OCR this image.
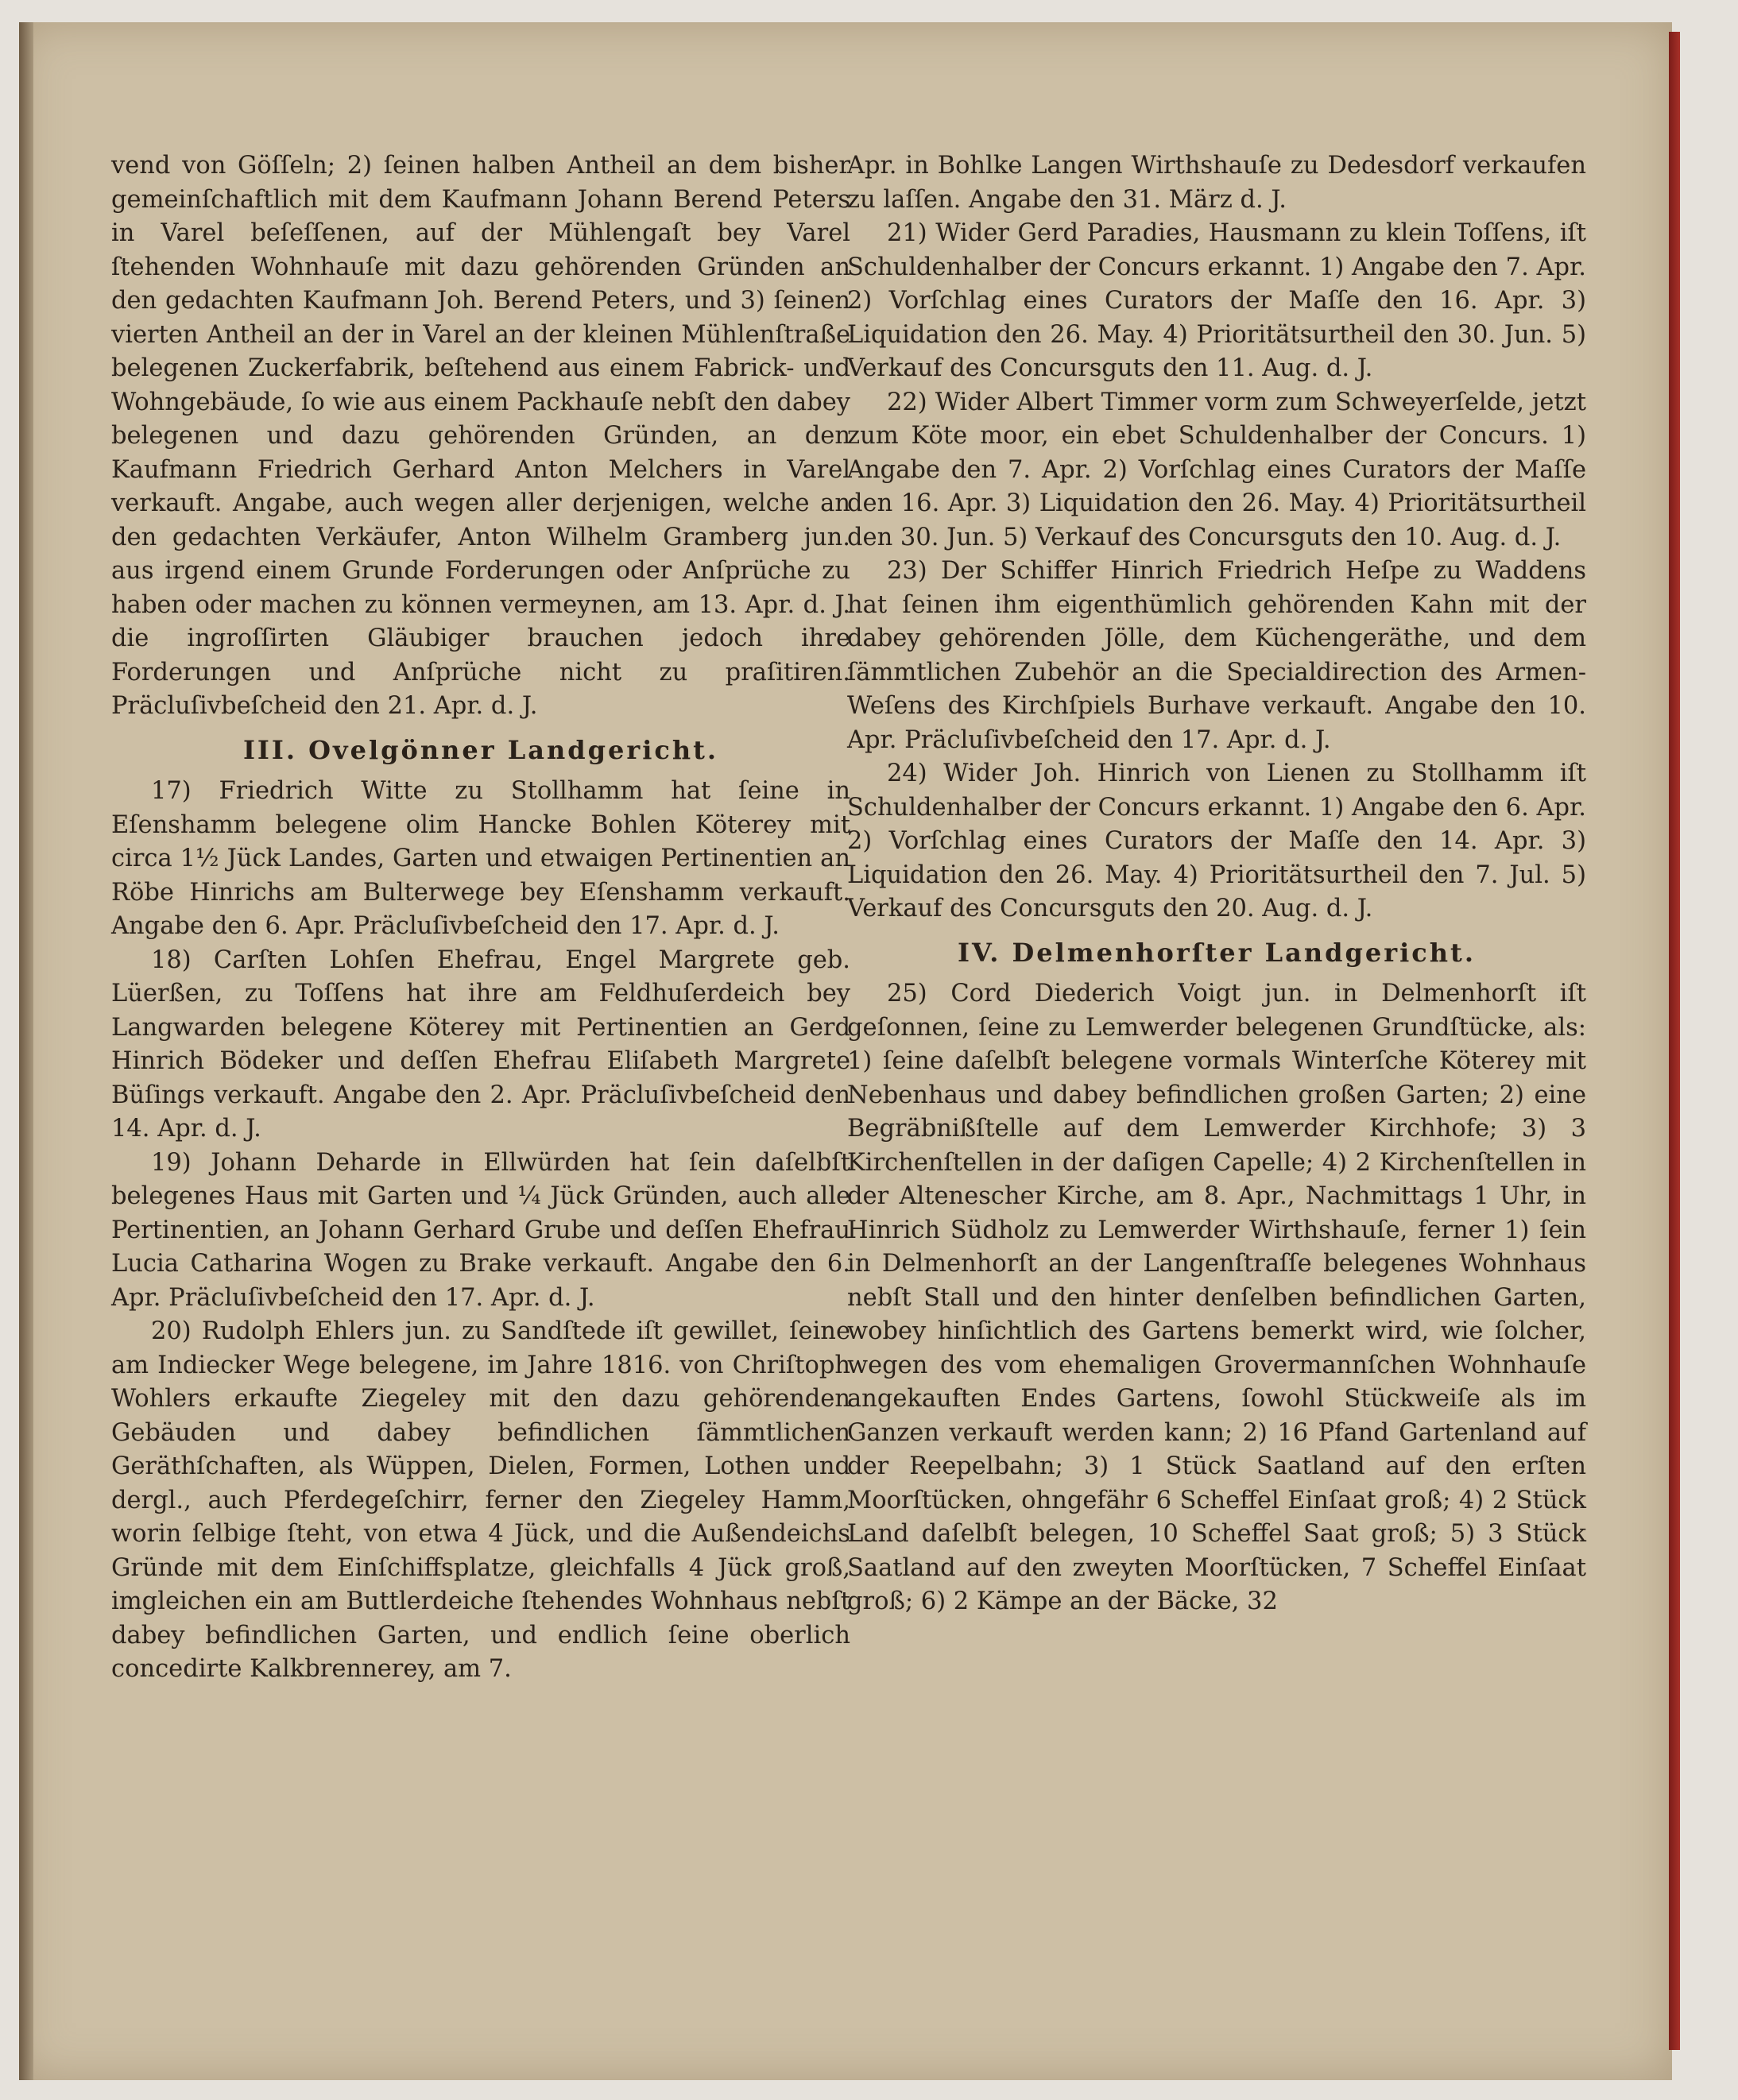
vend von Göſſeln; 2) ſeinen halben Antheil an dem bisher gemeinſchaftlich mit dem Kaufmann Johann Berend Peters in Varel beſeſſenen, auf der Mühlengaſt bey Varel ſtehenden Wohnhauſe mit dazu gehörenden Gründen an den gedachten Kaufmann Joh. Berend Peters, und 3) ſeinen vierten Antheil an der in Varel an der kleinen Mühlenſtraße belegenen Zuckerfabrik, beſtehend aus einem Fabrick- und Wohngebäude, ſo wie aus einem Packhauſe nebſt den dabey belegenen und dazu gehörenden Gründen, an den Kaufmann Friedrich Gerhard Anton Melchers in Varel verkauft. Angabe, auch wegen aller derjenigen, welche an den gedachten Verkäufer, Anton Wilhelm Gramberg jun. aus irgend einem Grunde Forderungen oder Anſprüche zu haben oder machen zu können vermeynen, am 13. Apr. d. J. die ingroſſirten Gläubiger brauchen jedoch ihre Forderungen und Anſprüche nicht zu praſitiren. Präcluſivbeſcheid den 21. Apr. d. J.

III. Ovelgönner Landgericht.

17) Friedrich Witte zu Stollhamm hat ſeine in Eſenshamm belegene olim Hancke Bohlen Köterey mit circa 1½ Jück Landes, Garten und etwaigen Pertinentien an Röbe Hinrichs am Bulterwege bey Eſenshamm verkauft. Angabe den 6. Apr. Präcluſivbeſcheid den 17. Apr. d. J.

18) Carſten Lohſen Ehefrau, Engel Margrete geb. Lüerßen, zu Toſſens hat ihre am Feldhuſerdeich bey Langwarden belegene Köterey mit Pertinentien an Gerd Hinrich Bödeker und deſſen Ehefrau Eliſabeth Margrete Büſings verkauft. Angabe den 2. Apr. Präcluſivbeſcheid den 14. Apr. d. J.

19) Johann Deharde in Ellwürden hat ſein daſelbſt belegenes Haus mit Garten und ¼ Jück Gründen, auch alle Pertinentien, an Johann Gerhard Grube und deſſen Ehefrau Lucia Catharina Wogen zu Brake verkauft. Angabe den 6. Apr. Präcluſivbeſcheid den 17. Apr. d. J.

20) Rudolph Ehlers jun. zu Sandſtede iſt gewillet, ſeine am Indiecker Wege belegene, im Jahre 1816. von Chriſtoph Wohlers erkaufte Ziegeley mit den dazu gehörenden Gebäuden und dabey befindlichen ſämmtlichen Geräthſchaften, als Wüppen, Dielen, Formen, Lothen und dergl., auch Pferdegeſchirr, ferner den Ziegeley Hamm, worin ſelbige ſteht, von etwa 4 Jück, und die Außendeichs Gründe mit dem Einſchiffsplatze, gleichfalls 4 Jück groß, imgleichen ein am Buttlerdeiche ſtehendes Wohnhaus nebſt dabey befindlichen Garten, und endlich ſeine oberlich concedirte Kalkbrennerey, am 7.

Apr. in Bohlke Langen Wirthshauſe zu Dedesdorf verkaufen zu laſſen. Angabe den 31. März d. J.

21) Wider Gerd Paradies, Hausmann zu klein Toſſens, iſt Schuldenhalber der Concurs erkannt. 1) Angabe den 7. Apr. 2) Vorſchlag eines Curators der Maſſe den 16. Apr. 3) Liquidation den 26. May. 4) Prioritätsurtheil den 30. Jun. 5) Verkauf des Concursguts den 11. Aug. d. J.

22) Wider Albert Timmer vorm zum Schweyerſelde, jetzt zum Köte moor, ein ebet Schuldenhalber der Concurs. 1) Angabe den 7. Apr. 2) Vorſchlag eines Curators der Maſſe den 16. Apr. 3) Liquidation den 26. May. 4) Prioritätsurtheil den 30. Jun. 5) Verkauf des Concursguts den 10. Aug. d. J.

23) Der Schiffer Hinrich Friedrich Heſpe zu Waddens hat ſeinen ihm eigenthümlich gehörenden Kahn mit der dabey gehörenden Jölle, dem Küchengeräthe, und dem ſämmtlichen Zubehör an die Specialdirection des Armen-Weſens des Kirchſpiels Burhave verkauft. Angabe den 10. Apr. Präcluſivbeſcheid den 17. Apr. d. J.

24) Wider Joh. Hinrich von Lienen zu Stollhamm iſt Schuldenhalber der Concurs erkannt. 1) Angabe den 6. Apr. 2) Vorſchlag eines Curators der Maſſe den 14. Apr. 3) Liquidation den 26. May. 4) Prioritätsurtheil den 7. Jul. 5) Verkauf des Concursguts den 20. Aug. d. J.

IV. Delmenhorſter Landgericht.

25) Cord Diederich Voigt jun. in Delmenhorſt iſt geſonnen, ſeine zu Lemwerder belegenen Grundſtücke, als: 1) ſeine daſelbſt belegene vormals Winterſche Köterey mit Nebenhaus und dabey befindlichen großen Garten; 2) eine Begräbnißſtelle auf dem Lemwerder Kirchhofe; 3) 3 Kirchenſtellen in der daſigen Capelle; 4) 2 Kirchenſtellen in der Altenescher Kirche, am 8. Apr., Nachmittags 1 Uhr, in Hinrich Südholz zu Lemwerder Wirthshauſe, ferner 1) ſein in Delmenhorſt an der Langenſtraſſe belegenes Wohnhaus nebſt Stall und den hinter denſelben befindlichen Garten, wobey hinſichtlich des Gartens bemerkt wird, wie ſolcher, wegen des vom ehemaligen Grovermannſchen Wohnhauſe angekauften Endes Gartens, ſowohl Stückweiſe als im Ganzen verkauft werden kann; 2) 16 Pfand Gartenland auf der Reepelbahn; 3) 1 Stück Saatland auf den erſten Moorſtücken, ohngefähr 6 Scheffel Einſaat groß; 4) 2 Stück Land daſelbſt belegen, 10 Scheffel Saat groß; 5) 3 Stück Saatland auf den zweyten Moorſtücken, 7 Scheffel Einſaat groß; 6) 2 Kämpe an der Bäcke, 32
